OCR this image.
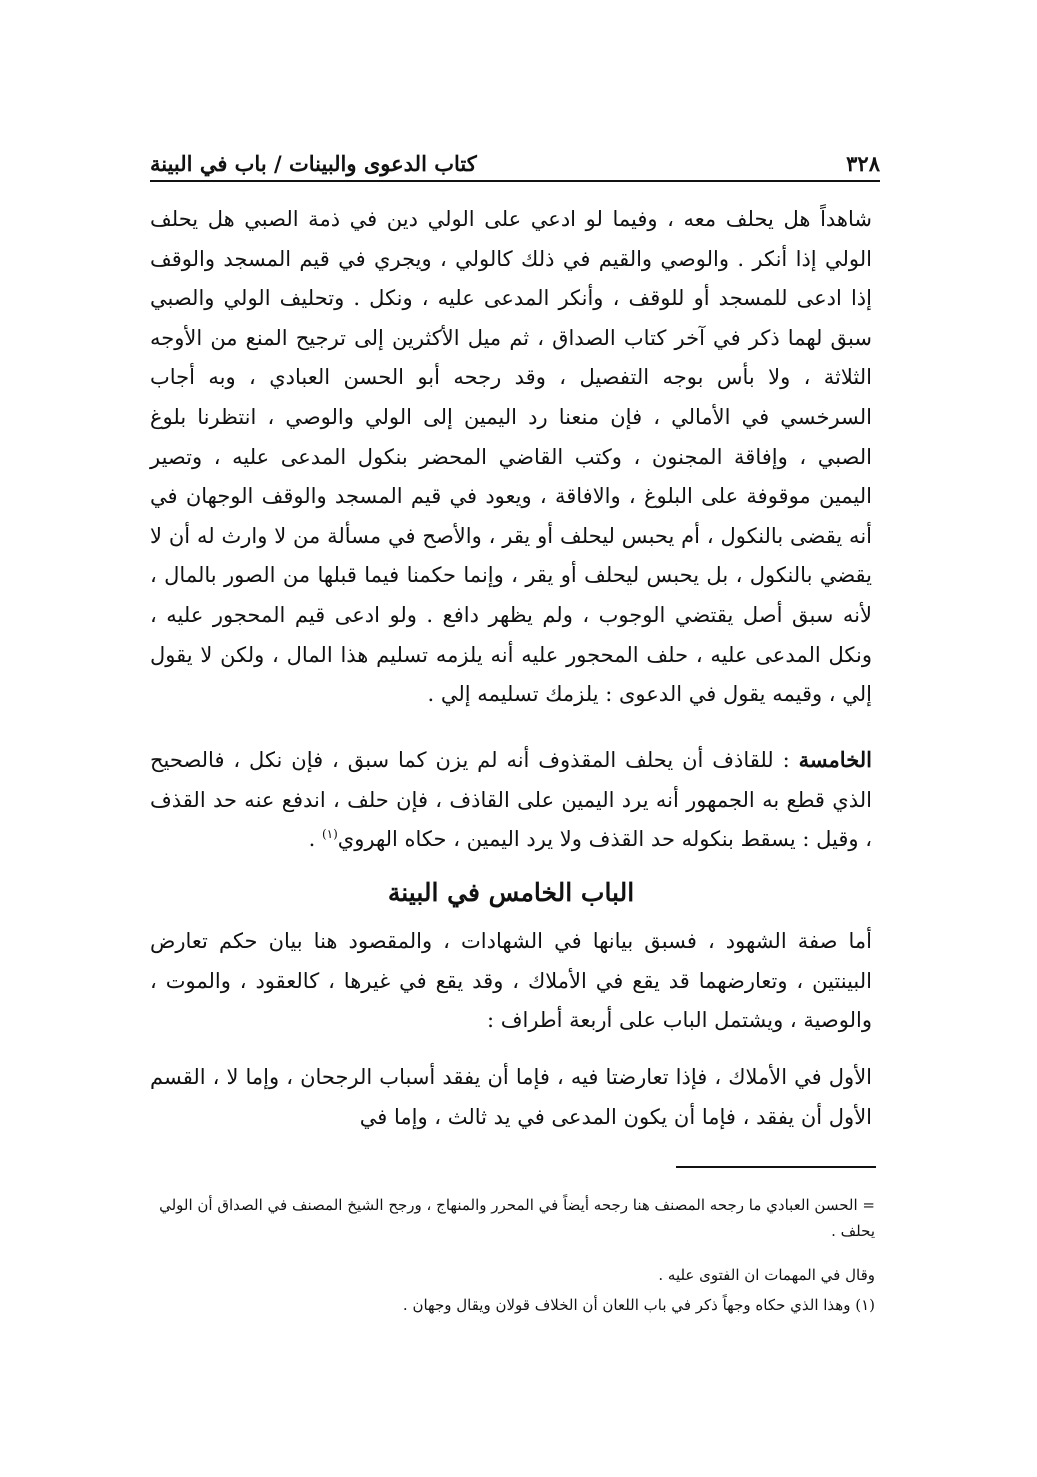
٣٢٨
كتاب الدعوى والبينات / باب في البينة

شاهداً هل يحلف معه ، وفيما لو ادعي على الولي دين في ذمة الصبي هل يحلف الولي إذا أنكر . والوصي والقيم في ذلك كالولي ، ويجري في قيم المسجد والوقف إذا ادعى للمسجد أو للوقف ، وأنكر المدعى عليه ، ونكل . وتحليف الولي والصبي سبق لهما ذكر في آخر كتاب الصداق ، ثم ميل الأكثرين إلى ترجيح المنع من الأوجه الثلاثة ، ولا بأس بوجه التفصيل ، وقد رجحه أبو الحسن العبادي ، وبه أجاب السرخسي في الأمالي ، فإن منعنا رد اليمين إلى الولي والوصي ، انتظرنا بلوغ الصبي ، وإفاقة المجنون ، وكتب القاضي المحضر بنكول المدعى عليه ، وتصير اليمين موقوفة على البلوغ ، والافاقة ، ويعود في قيم المسجد والوقف الوجهان في أنه يقضى بالنكول ، أم يحبس ليحلف أو يقر ، والأصح في مسألة من لا وارث له أن لا يقضي بالنكول ، بل يحبس ليحلف أو يقر ، وإنما حكمنا فيما قبلها من الصور بالمال ، لأنه سبق أصل يقتضي الوجوب ، ولم يظهر دافع . ولو ادعى قيم المحجور عليه ، ونكل المدعى عليه ، حلف المحجور عليه أنه يلزمه تسليم هذا المال ، ولكن لا يقول إلي ، وقيمه يقول في الدعوى : يلزمك تسليمه إلي .

الخامسة : للقاذف أن يحلف المقذوف أنه لم يزن كما سبق ، فإن نكل ، فالصحيح الذي قطع به الجمهور أنه يرد اليمين على القاذف ، فإن حلف ، اندفع عنه حد القذف ، وقيل : يسقط بنكوله حد القذف ولا يرد اليمين ، حكاه الهروي$^{(١)}$ .

الباب الخامس في البينة

أما صفة الشهود ، فسبق بيانها في الشهادات ، والمقصود هنا بيان حكم تعارض البينتين ، وتعارضهما قد يقع في الأملاك ، وقد يقع في غيرها ، كالعقود ، والموت ، والوصية ، ويشتمل الباب على أربعة أطراف :

الأول في الأملاك ، فإذا تعارضتا فيه ، فإما أن يفقد أسباب الرجحان ، وإما لا ، القسم الأول أن يفقد ، فإما أن يكون المدعى في يد ثالث ، وإما في

= الحسن العبادي ما رجحه المصنف هنا رجحه أيضاً في المحرر والمنهاج ، ورجح الشيخ المصنف في الصداق أن الولي يحلف .
وقال في المهمات ان الفتوى عليه .
(١) وهذا الذي حكاه وجهاً ذكر في باب اللعان أن الخلاف قولان ويقال وجهان .
